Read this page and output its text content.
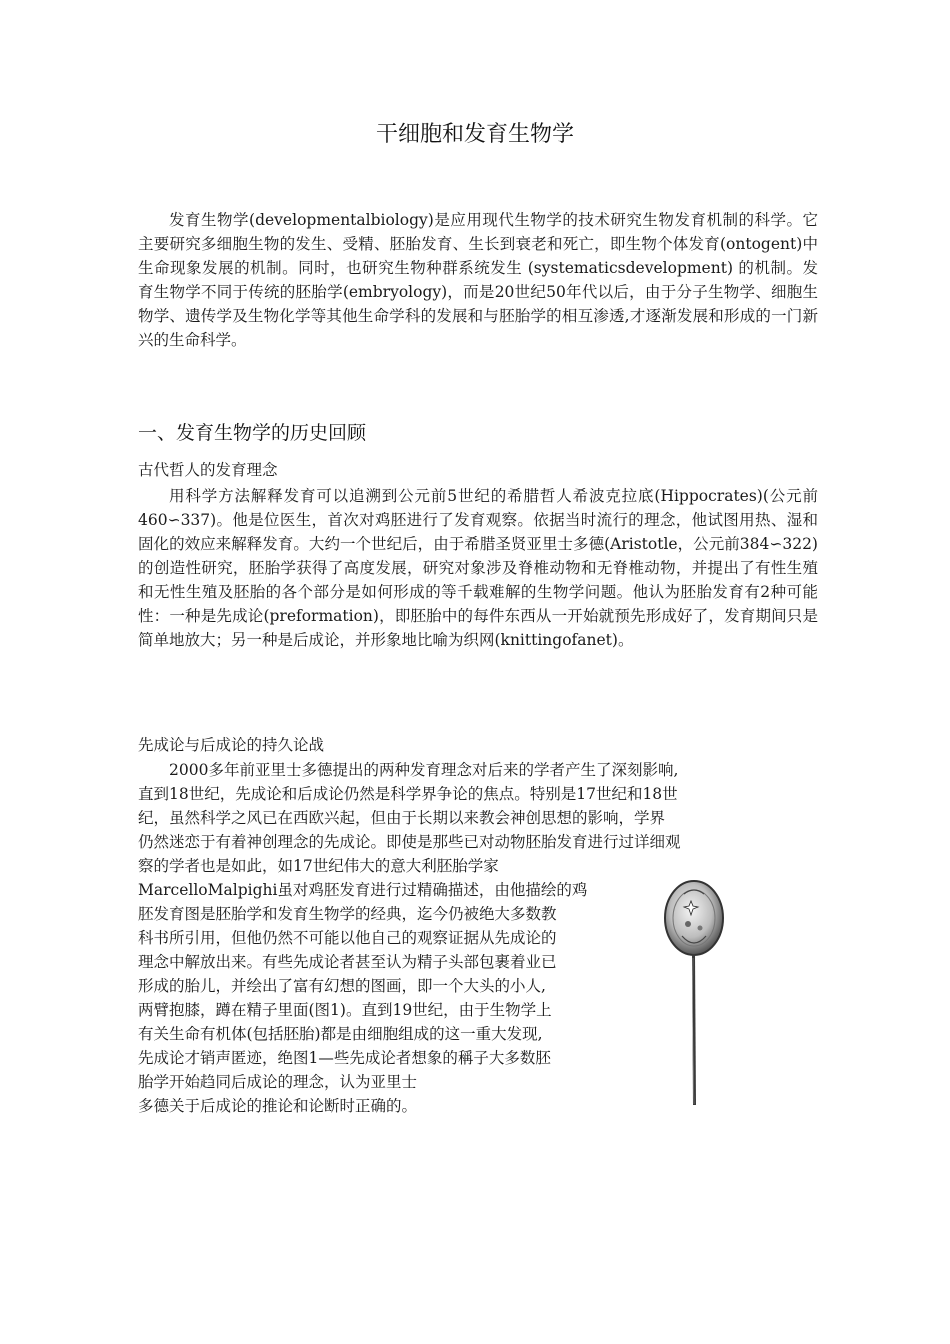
干细胞和发育生物学

发育生物学(developmentalbiology)是应用现代生物学的技术研究生物发育机制的科学。它主要研究多细胞生物的发生、受精、胚胎发育、生长到衰老和死亡，即生物个体发育(ontogent)中生命现象发展的机制。同时，也研究生物种群系统发生 (systematicsdevelopment) 的机制。发育生物学不同于传统的胚胎学(embryology)，而是20世纪50年代以后，由于分子生物学、细胞生物学、遗传学及生物化学等其他生命学科的发展和与胚胎学的相互渗透,才逐渐发展和形成的一门新兴的生命科学。

一、发育生物学的历史回顾
古代哲人的发育理念

用科学方法解释发育可以追溯到公元前5世纪的希腊哲人希波克拉底(Hippocrates)(公元前460∽337)。他是位医生，首次对鸡胚进行了发育观察。依据当时流行的理念，他试图用热、湿和固化的效应来解释发育。大约一个世纪后，由于希腊圣贤亚里士多德(Aristotle，公元前384∽322)的创造性研究，胚胎学获得了高度发展，研究对象涉及脊椎动物和无脊椎动物，并提出了有性生殖和无性生殖及胚胎的各个部分是如何形成的等千载难解的生物学问题。他认为胚胎发育有2种可能性：一种是先成论(preformation)，即胚胎中的每件东西从一开始就预先形成好了，发育期间只是简单地放大；另一种是后成论，并形象地比喻为织网(knittingofanet)。

先成论与后成论的持久论战
2000多年前亚里士多德提出的两种发育理念对后来的学者产生了深刻影响,
直到18世纪，先成论和后成论仍然是科学界争论的焦点。特别是17世纪和18世
纪，虽然科学之风已在西欧兴起，但由于长期以来教会神创思想的影响，学界
仍然迷恋于有着神创理念的先成论。即使是那些已对动物胚胎发育进行过详细观
察的学者也是如此，如17世纪伟大的意大利胚胎学家
MarcelloMalpighi虽对鸡胚发育进行过精确描述，由他描绘的鸡
胚发育图是胚胎学和发育生物学的经典，迄今仍被绝大多数教
科书所引用，但他仍然不可能以他自己的观察证据从先成论的
理念中解放出来。有些先成论者甚至认为精子头部包裹着业已
形成的胎儿，并绘出了富有幻想的图画，即一个大头的小人,
两臂抱膝，蹲在精子里面(图1)。直到19世纪，由于生物学上
有关生命有机体(包括胚胎)都是由细胞组成的这一重大发现,
先成论才销声匿迹，绝图1—些先成论者想象的稱子大多数胚
胎学开始趋同后成论的理念，认为亚里士
多德关于后成论的推论和论断时正确的。
